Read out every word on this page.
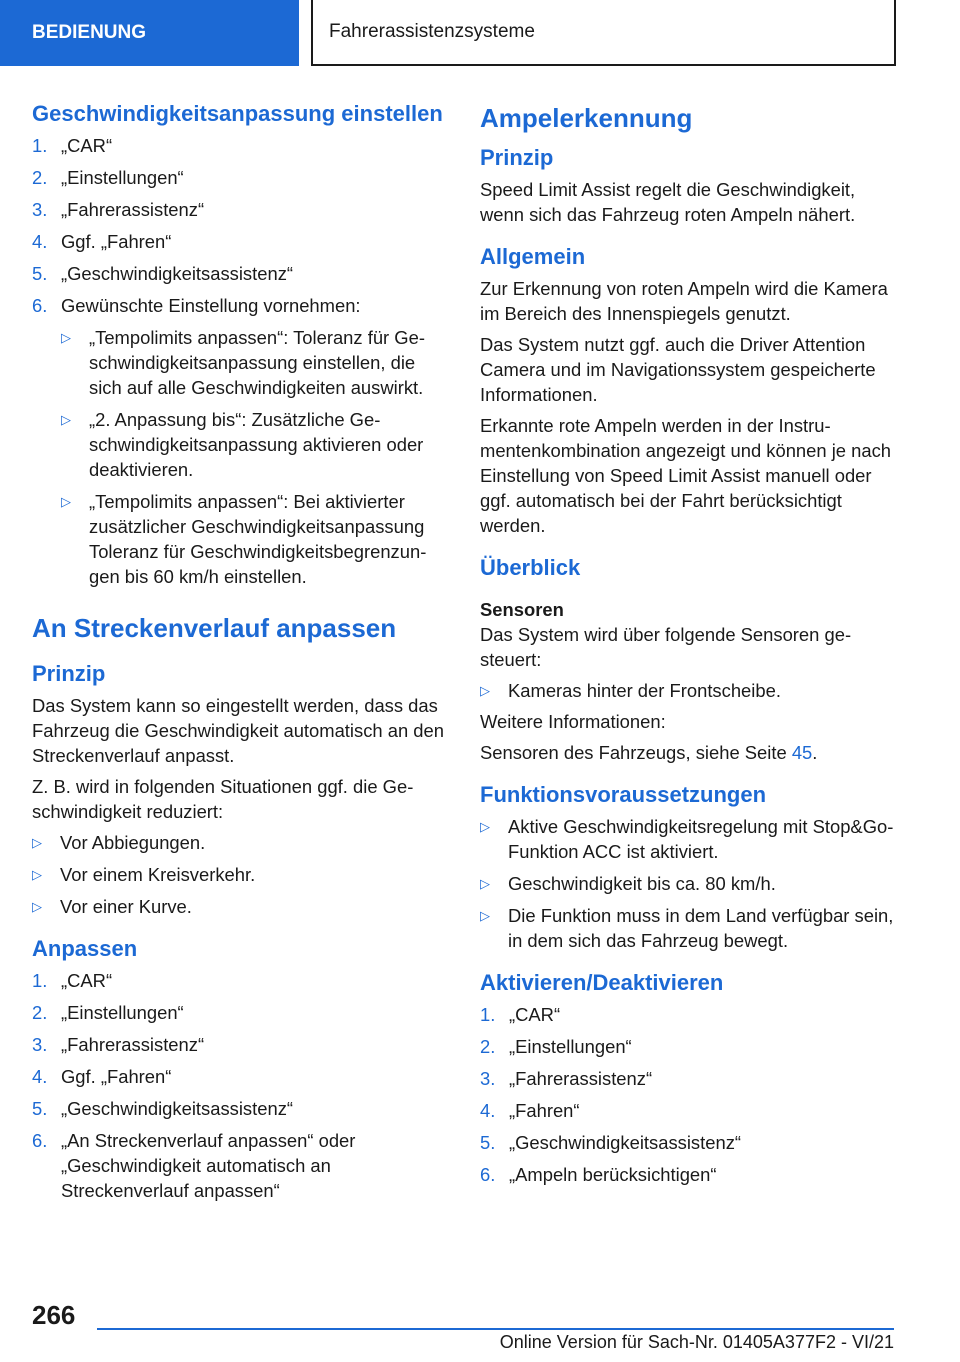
BEDIENUNG	Fahrerassistenzsysteme
Geschwindigkeitsanpassung einstellen
1. „CAR“
2. „Einstellungen“
3. „Fahrerassistenz“
4. Ggf. „Fahren“
5. „Geschwindigkeitsassistenz“
6. Gewünschte Einstellung vornehmen:
▷ „Tempolimits anpassen“: Toleranz für Geschwindigkeitsanpassung einstellen, die sich auf alle Geschwindigkeiten auswirkt.
▷ „2. Anpassung bis“: Zusätzliche Geschwindigkeitsanpassung aktivieren oder deaktivieren.
▷ „Tempolimits anpassen“: Bei aktivierter zusätzlicher Geschwindigkeitsanpassung Toleranz für Geschwindigkeitsbegrenzungen bis 60 km/h einstellen.
An Streckenverlauf anpassen
Prinzip

Das System kann so eingestellt werden, dass das Fahrzeug die Geschwindigkeit automatisch an den Streckenverlauf anpasst.

Z. B. wird in folgenden Situationen ggf. die Geschwindigkeit reduziert:

▷ Vor Abbiegungen.
▷ Vor einem Kreisverkehr.
▷ Vor einer Kurve.
Anpassen
1. „CAR“
2. „Einstellungen“
3. „Fahrerassistenz“
4. Ggf. „Fahren“
5. „Geschwindigkeitsassistenz“
6. „An Streckenverlauf anpassen“ oder „Geschwindigkeit automatisch an Streckenverlauf anpassen“
Ampelerkennung
Prinzip

Speed Limit Assist regelt die Geschwindigkeit, wenn sich das Fahrzeug roten Ampeln nähert.

Allgemein

Zur Erkennung von roten Ampeln wird die Kamera im Bereich des Innenspiegels genutzt.

Das System nutzt ggf. auch die Driver Attention Camera und im Navigationssystem gespeicherte Informationen.

Erkannte rote Ampeln werden in der Instrumentenkombination angezeigt und können je nach Einstellung von Speed Limit Assist manuell oder ggf. automatisch bei der Fahrt berücksichtigt werden.

Überblick
Sensoren

Das System wird über folgende Sensoren gesteuert:

▷ Kameras hinter der Frontscheibe.

Weitere Informationen:

Sensoren des Fahrzeugs, siehe Seite 45.

Funktionsvoraussetzungen
▷ Aktive Geschwindigkeitsregelung mit Stop&Go-Funktion ACC ist aktiviert.
▷ Geschwindigkeit bis ca. 80 km/h.
▷ Die Funktion muss in dem Land verfügbar sein, in dem sich das Fahrzeug bewegt.
Aktivieren/Deaktivieren
1. „CAR“
2. „Einstellungen“
3. „Fahrerassistenz“
4. „Fahren“
5. „Geschwindigkeitsassistenz“
6. „Ampeln berücksichtigen“
266
Online Version für Sach-Nr. 01405A377F2 - VI/21
